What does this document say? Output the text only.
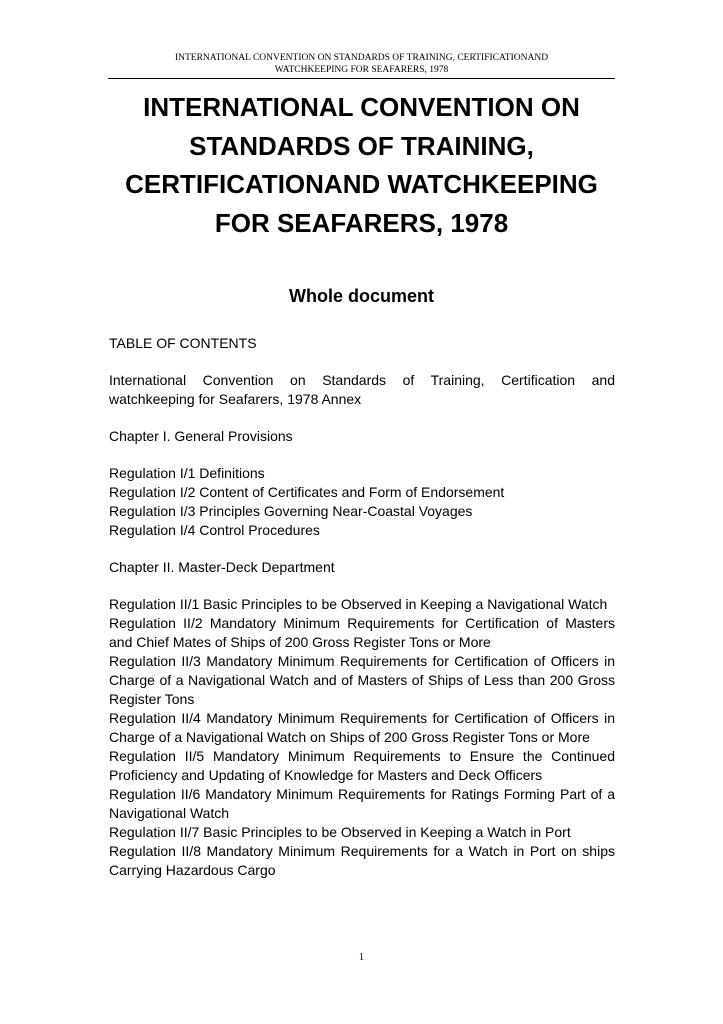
INTERNATIONAL CONVENTION ON STANDARDS OF TRAINING, CERTIFICATIONAND
WATCHKEEPING FOR SEAFARERS, 1978
INTERNATIONAL CONVENTION ON
STANDARDS OF TRAINING,
CERTIFICATIONAND WATCHKEEPING
FOR SEAFARERS, 1978
Whole document

TABLE OF CONTENTS

International Convention on Standards of Training, Certification and watchkeeping for Seafarers, 1978 Annex

Chapter I. General Provisions

Regulation I/1 Definitions

Regulation I/2 Content of Certificates and Form of Endorsement

Regulation I/3 Principles Governing Near-Coastal Voyages

Regulation I/4 Control Procedures

Chapter II. Master-Deck Department

Regulation II/1 Basic Principles to be Observed in Keeping a Navigational Watch

Regulation II/2 Mandatory Minimum Requirements for Certification of Masters and Chief Mates of Ships of 200 Gross Register Tons or More

Regulation II/3 Mandatory Minimum Requirements for Certification of Officers in Charge of a Navigational Watch and of Masters of Ships of Less than 200 Gross Register Tons

Regulation II/4 Mandatory Minimum Requirements for Certification of Officers in Charge of a Navigational Watch on Ships of 200 Gross Register Tons or More

Regulation II/5 Mandatory Minimum Requirements to Ensure the Continued Proficiency and Updating of Knowledge for Masters and Deck Officers

Regulation II/6 Mandatory Minimum Requirements for Ratings Forming Part of a Navigational Watch

Regulation II/7 Basic Principles to be Observed in Keeping a Watch in Port

Regulation II/8 Mandatory Minimum Requirements for a Watch in Port on ships Carrying Hazardous Cargo

1
